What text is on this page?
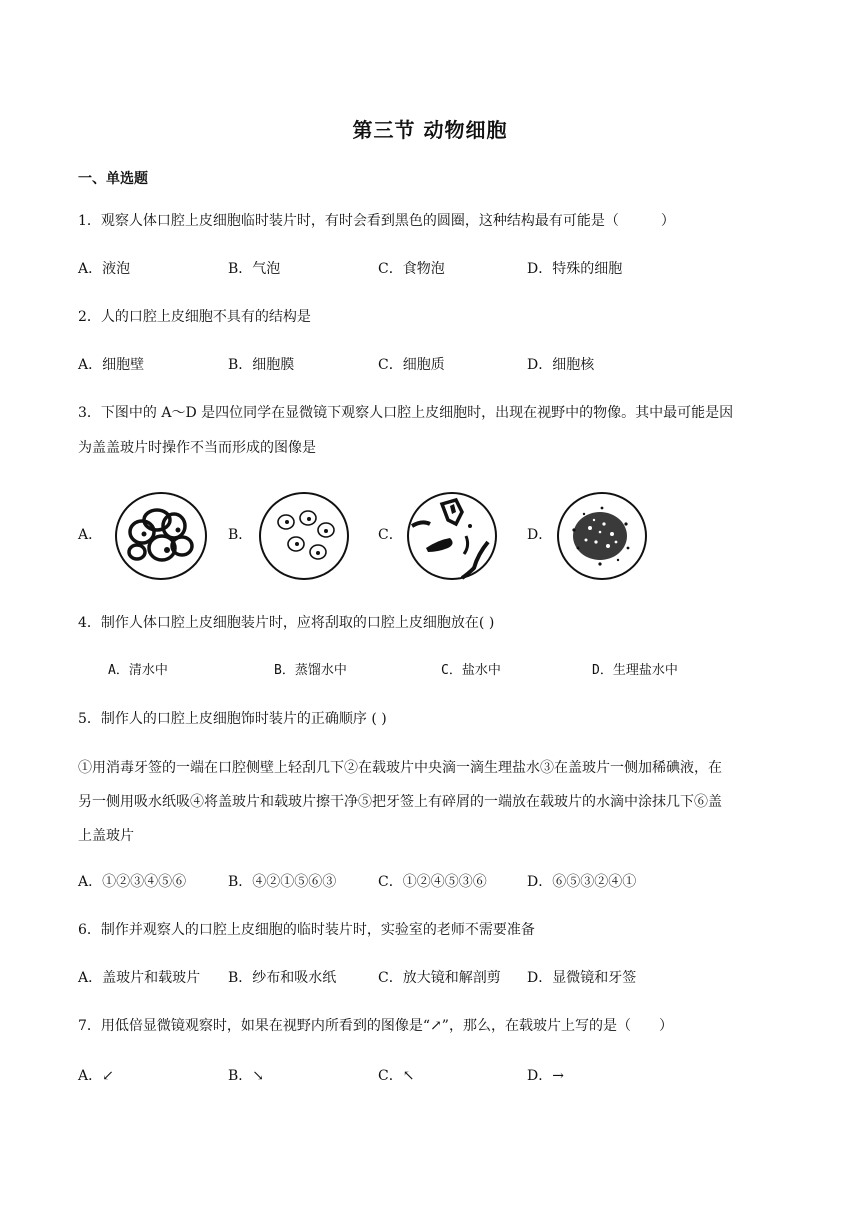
第三节 动物细胞
一、单选题
1．观察人体口腔上皮细胞临时装片时，有时会看到黑色的圆圈，这种结构最有可能是（　　　）
A．液泡	B．气泡	C．食物泡	D．特殊的细胞
2．人的口腔上皮细胞不具有的结构是
A．细胞壁	B．细胞膜	C．细胞质	D．细胞核
3．下图中的 A～D 是四位同学在显微镜下观察人口腔上皮细胞时，出现在视野中的物像。其中最可能是因
为盖盖玻片时操作不当而形成的图像是
A．	B．	C．	D．
4．制作人体口腔上皮细胞装片时，应将刮取的口腔上皮细胞放在( )
A．清水中	B．蒸馏水中	C．盐水中	D．生理盐水中
5．制作人的口腔上皮细胞饰时装片的正确顺序 ( )
①用消毒牙签的一端在口腔侧壁上轻刮几下②在载玻片中央滴一滴生理盐水③在盖玻片一侧加稀碘液，在
另一侧用吸水纸吸④将盖玻片和载玻片擦干净⑤把牙签上有碎屑的一端放在载玻片的水滴中涂抹几下⑥盖
上盖玻片
A．①②③④⑤⑥	B．④②①⑤⑥③	C．①②④⑤③⑥	D．⑥⑤③②④①
6．制作并观察人的口腔上皮细胞的临时装片时，实验室的老师不需要准备
A．盖玻片和载玻片 B．纱布和吸水纸	C．放大镜和解剖剪 D．显微镜和牙签
7．用低倍显微镜观察时，如果在视野内所看到的图像是“↗”，那么，在载玻片上写的是（　　）
A．↙	B．↘	C．↖	D．→
